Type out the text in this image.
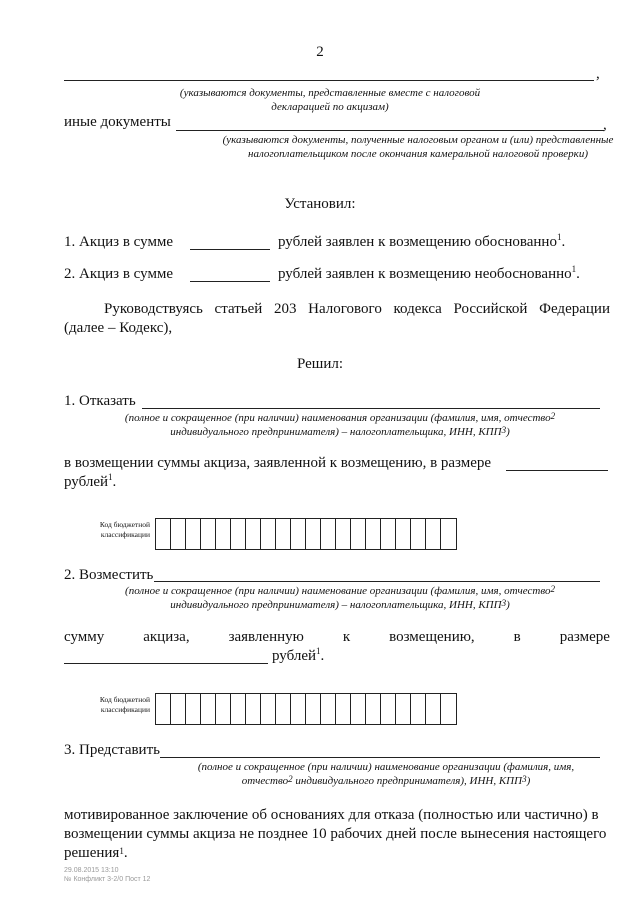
2
,
(указываются документы, представленные вместе с налоговой декларацией по акцизам)
иные документы	,
(указываются документы, полученные налоговым органом и (или) представленные налогоплательщиком после окончания камеральной налоговой проверки)
Установил:
1. Акциз в сумме	рублей заявлен к возмещению обоснованно$^1$.
2. Акциз в сумме	рублей заявлен к возмещению необоснованно$^1$.
Руководствуясь статьей 203 Налогового кодекса Российской Федерации
(далее – Кодекс),
Решил:
1. Отказать
(полное и сокращенное (при наличии) наименования организации (фамилия, имя, отчество$^2$
индивидуального предпринимателя) – налогоплательщика, ИНН, КПП$^3$)
в возмещении суммы акциза, заявленной к возмещению, в размере
рублей$^1$.
Код бюджетной классификации
2. Возместить
(полное и сокращенное (при наличии) наименование организации (фамилия, имя, отчество$^2$
индивидуального предпринимателя) – налогоплательщика, ИНН, КПП$^3$)
сумму	акциза,	заявленную	к	возмещению,	в	размере
рублей$^1$.
Код бюджетной классификации
3. Представить
(полное и сокращенное (при наличии) наименование организации (фамилия, имя,
отчество$^2$ индивидуального предпринимателя), ИНН, КПП$^3$)
мотивированное заключение об основаниях для отказа (полностью или частично) в
возмещении суммы акциза не позднее 10 рабочих дней после вынесения настоящего
решения$^1$.
29.08.2015 13:10
№ Конфликт 3-2/0 Пост 12
